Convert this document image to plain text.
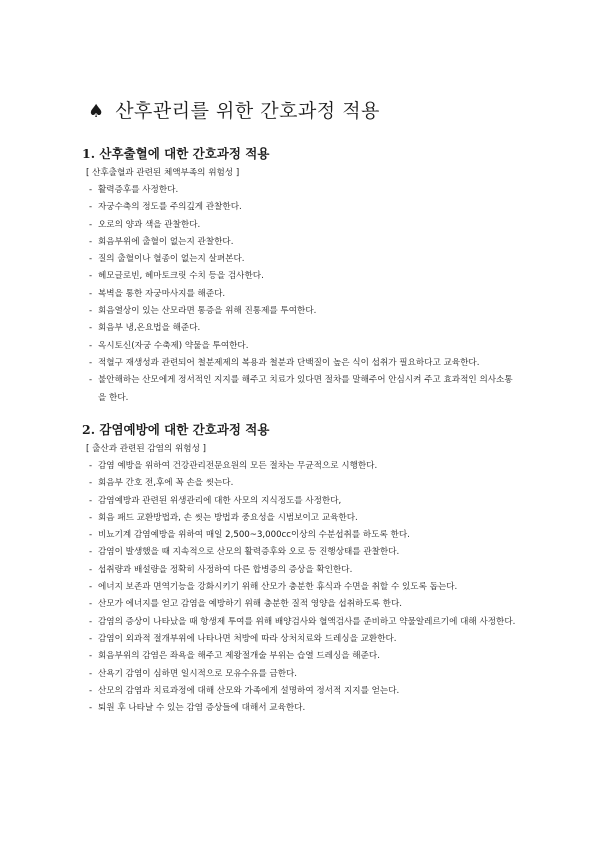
♠ 산후관리를 위한 간호과정 적용
1. 산후출혈에 대한 간호과정 적용
[ 산후출혈과 관련된 체액부족의 위험성 ]
- 활력증후를 사정한다.
- 자궁수축의 정도를 주의깊게 관찰한다.
- 오로의 양과 색을 관찰한다.
- 회음부위에 출혈이 없는지 관찰한다.
- 질의 출혈이나 혈종이 없는지 살펴본다.
- 헤모글로빈, 헤마토크릿 수치 등을 검사한다.
- 복벽을 통한 자궁마사지를 해준다.
- 회음열상이 있는 산모라면 통증을 위해 진통제를 투여한다.
- 회음부 냉,온요법을 해준다.
- 옥시토신(자궁 수축제) 약물을 투여한다.
- 적혈구 재생성과 관련되어 철분제제의 복용과 철분과 단백질이 높은 식이 섭취가 필요하다고 교육한다.
- 불안해하는 산모에게 정서적인 지지를 해주고 치료가 있다면 절차를 말해주어 안심시켜 주고 효과적인 의사소통을 한다.
2. 감염예방에 대한 간호과정 적용
[ 출산과 관련된 감염의 위험성 ]
- 감염 예방을 위하여 건강관리전문요원의 모든 절차는 무균적으로 시행한다.
- 회음부 간호 전,후에 꼭 손을 씻는다.
- 감염예방과 관련된 위생관리에 대한 사모의 지식정도를 사정한다,
- 회음 패드 교환방법과, 손 씻는 방법과 중요성을 시범보이고 교육한다.
- 비뇨기계 감염예방을 위하여 매일 2,500~3,000cc이상의 수분섭취를 하도록 한다.
- 감염이 발생했을 때 지속적으로 산모의 활력증후와 오로 등 진행상태를 관찰한다.
- 섭취량과 배설량을 정확히 사정하여 다른 합병증의 증상을 확인한다.
- 에너지 보존과 면역기능을 강화시키기 위해 산모가 충분한 휴식과 수면을 취할 수 있도록 돕는다.
- 산모가 에너지를 얻고 감염을 예방하기 위해 충분한 질적 영양을 섭취하도록 한다.
- 감염의 증상이 나타났을 때 항생제 투여를 위해 배양검사와 혈액검사를 준비하고 약물알레르기에 대해 사정한다.
- 감염이 외과적 절개부위에 나타나면 처방에 따라 상처치료와 드레싱을 교환한다.
- 회음부위의 감염은 좌욕을 해주고 제왕절개술 부위는 습열 드레싱을 해준다.
- 산욕기 감염이 심하면 일시적으로 모유수유를 금한다.
- 산모의 감염과 치료과정에 대해 산모와 가족에게 설명하여 정서적 지지를 얻는다.
- 퇴원 후 나타날 수 있는 감염 증상들에 대해서 교육한다.
